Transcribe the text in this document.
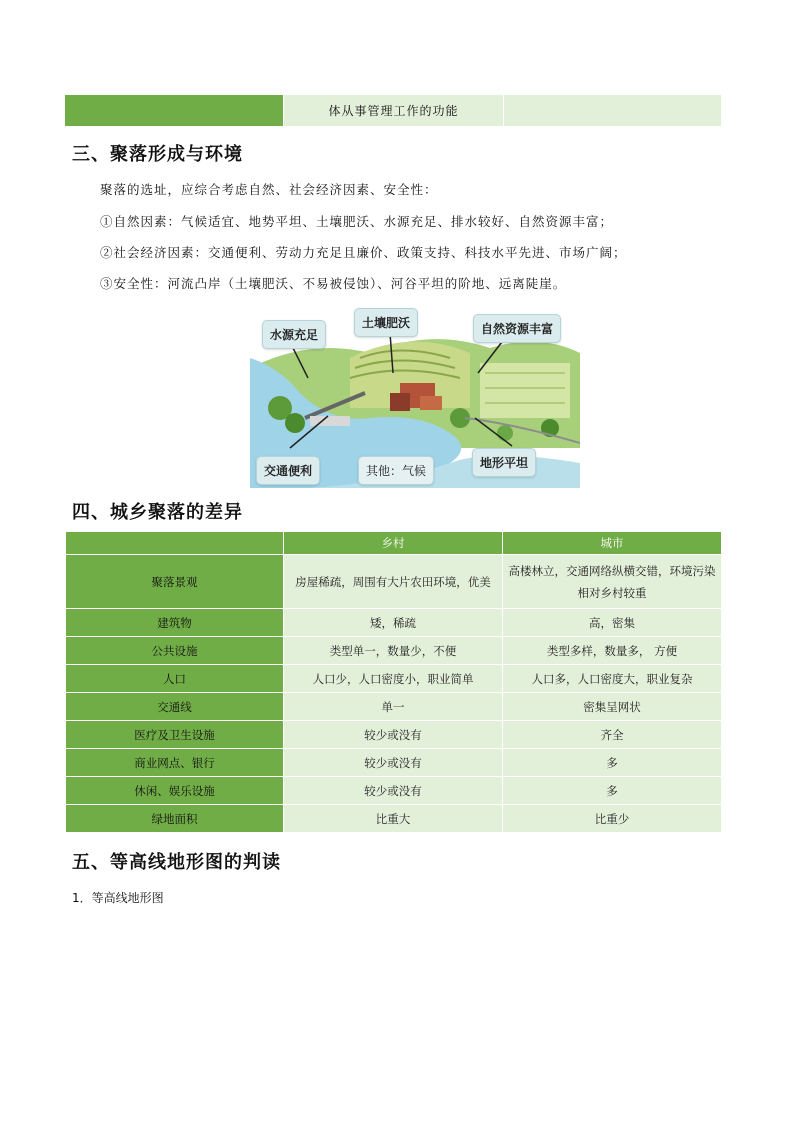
体从事管理工作的功能
三、聚落形成与环境

聚落的选址，应综合考虑自然、社会经济因素、安全性：

①自然因素：气候适宜、地势平坦、土壤肥沃、水源充足、排水较好、自然资源丰富；

②社会经济因素：交通便利、劳动力充足且廉价、政策支持、科技水平先进、市场广阔；

③安全性：河流凸岸（土壤肥沃、不易被侵蚀）、河谷平坦的阶地、远离陡崖。

水源充足
土壤肥沃	自然资源丰富
交通便利	其他：气候
地形平坦
四、城乡聚落的差异
	乡村	城市
聚落景观	房屋稀疏，周围有大片农田环境，优美	高楼林立，交通网络纵横交错，环境污染相对乡村较重
建筑物	矮，稀疏	高，密集
公共设施	类型单一，数量少，不便	类型多样，数量多， 方便
人口	人口少，人口密度小，职业简单	人口多，人口密度大，职业复杂
交通线	单一	密集呈网状
医疗及卫生设施	较少或没有	齐全
商业网点、银行	较少或没有	多
休闲、娱乐设施	较少或没有	多
绿地面积	比重大	比重少
五、等高线地形图的判读

1．等高线地形图
